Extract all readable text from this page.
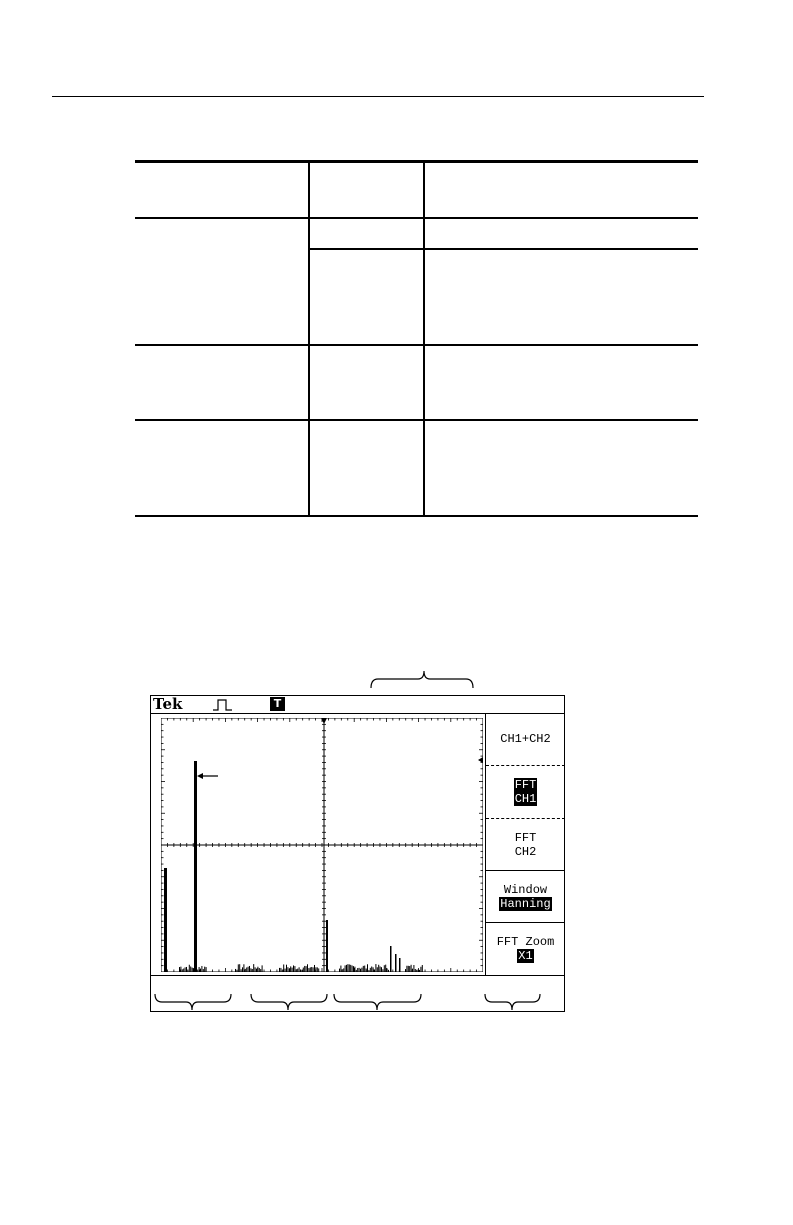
Tek	T
CH1+CH2
FFT
CH1
FFT
CH2
Window
Hanning
FFT Zoom
X1
